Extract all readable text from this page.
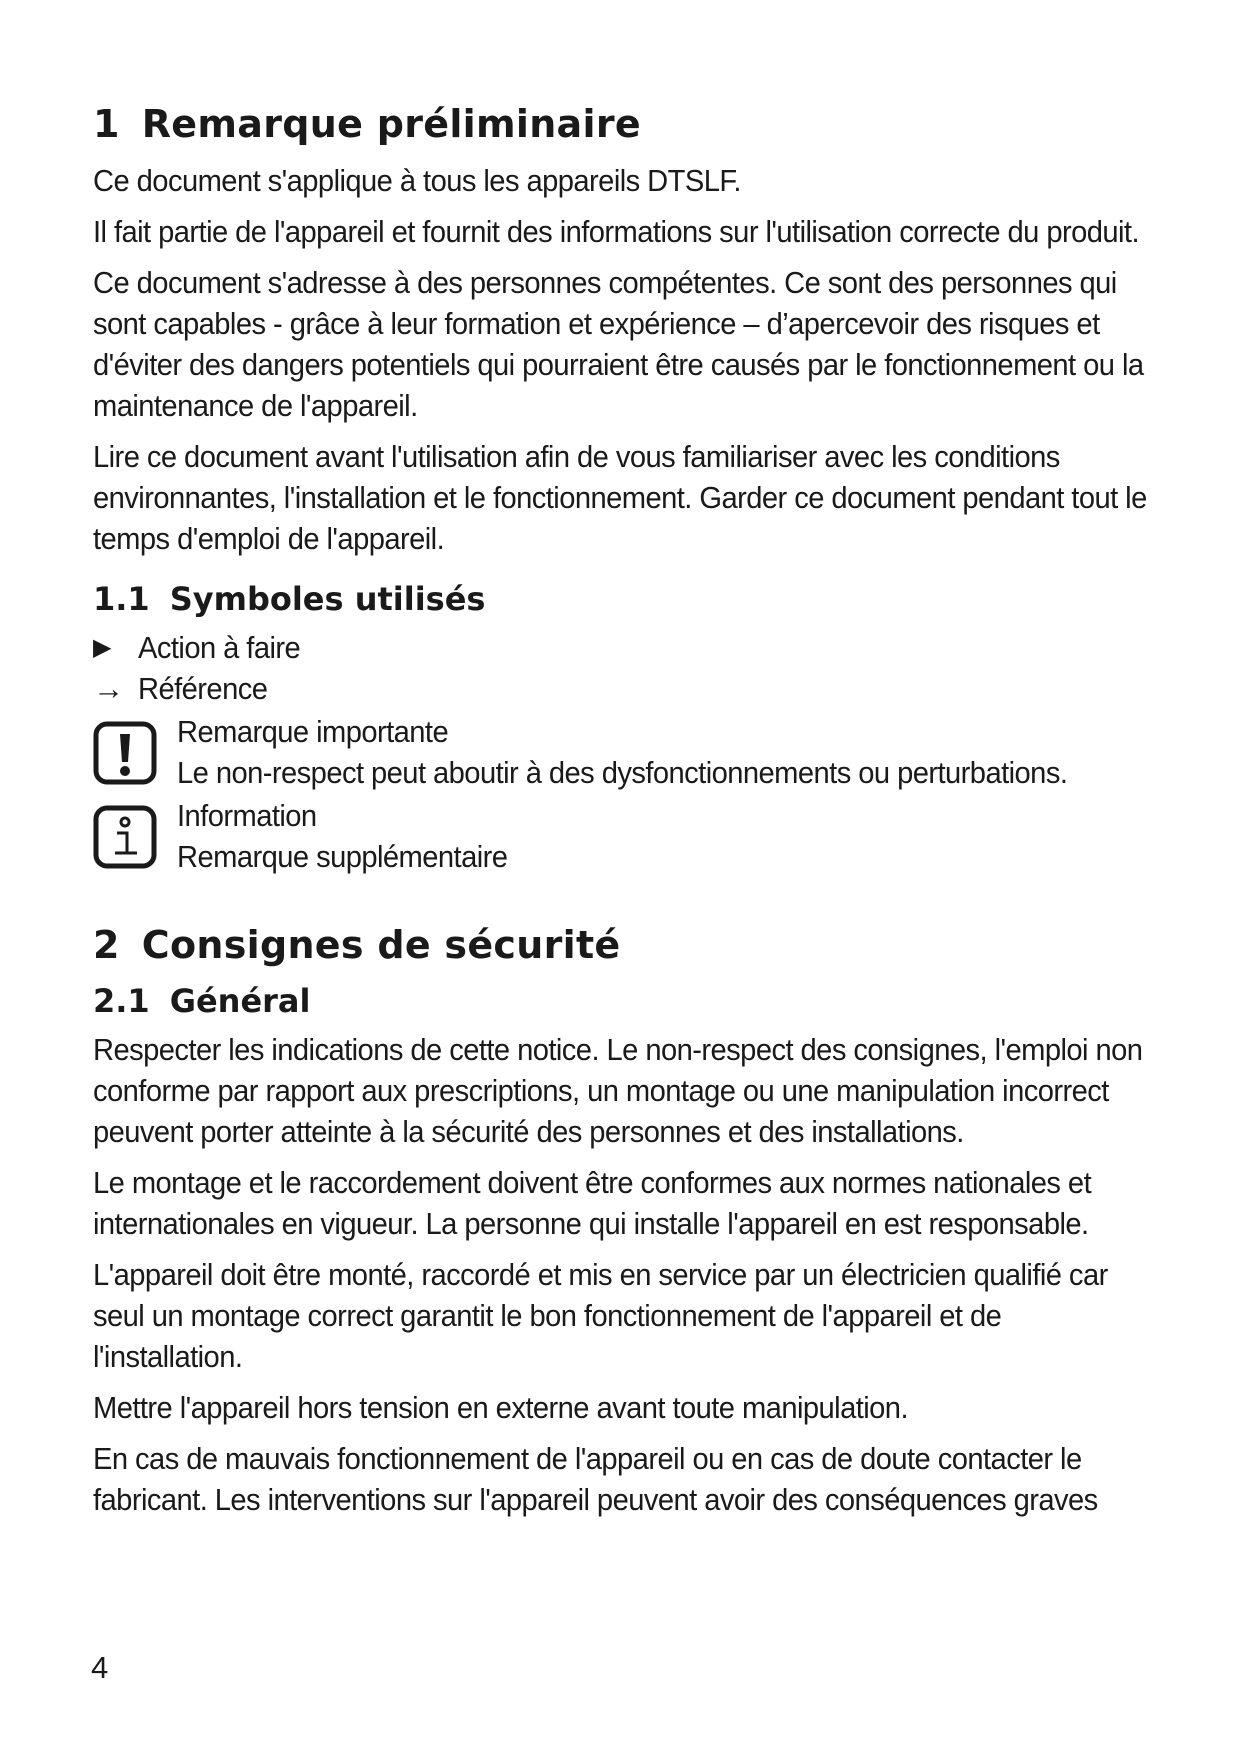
1 Remarque préliminaire

Ce document s'applique à tous les appareils DTSLF.

Il fait partie de l'appareil et fournit des informations sur l'utilisation correcte du produit.

Ce document s'adresse à des personnes compétentes. Ce sont des personnes qui sont capables - grâce à leur formation et expérience – d’apercevoir des risques et d'éviter des dangers potentiels qui pourraient être causés par le fonctionnement ou la maintenance de l'appareil.

Lire ce document avant l'utilisation afin de vous familiariser avec les conditions environnantes, l'installation et le fonctionnement. Garder ce document pendant tout le temps d'emploi de l'appareil.

1.1 Symboles utilisés
▶ Action à faire
→ Référence
Remarque importante
Le non-respect peut aboutir à des dysfonctionnements ou perturbations.
Information
Remarque supplémentaire
2 Consignes de sécurité
2.1 Général

Respecter les indications de cette notice. Le non-respect des consignes, l'emploi non conforme par rapport aux prescriptions, un montage ou une manipulation incorrect peuvent porter atteinte à la sécurité des personnes et des installations.

Le montage et le raccordement doivent être conformes aux normes nationales et internationales en vigueur. La personne qui installe l'appareil en est responsable.

L'appareil doit être monté, raccordé et mis en service par un électricien qualifié car seul un montage correct garantit le bon fonctionnement de l'appareil et de l'installation.

Mettre l'appareil hors tension en externe avant toute manipulation.

En cas de mauvais fonctionnement de l'appareil ou en cas de doute contacter le fabricant. Les interventions sur l'appareil peuvent avoir des conséquences graves

4
